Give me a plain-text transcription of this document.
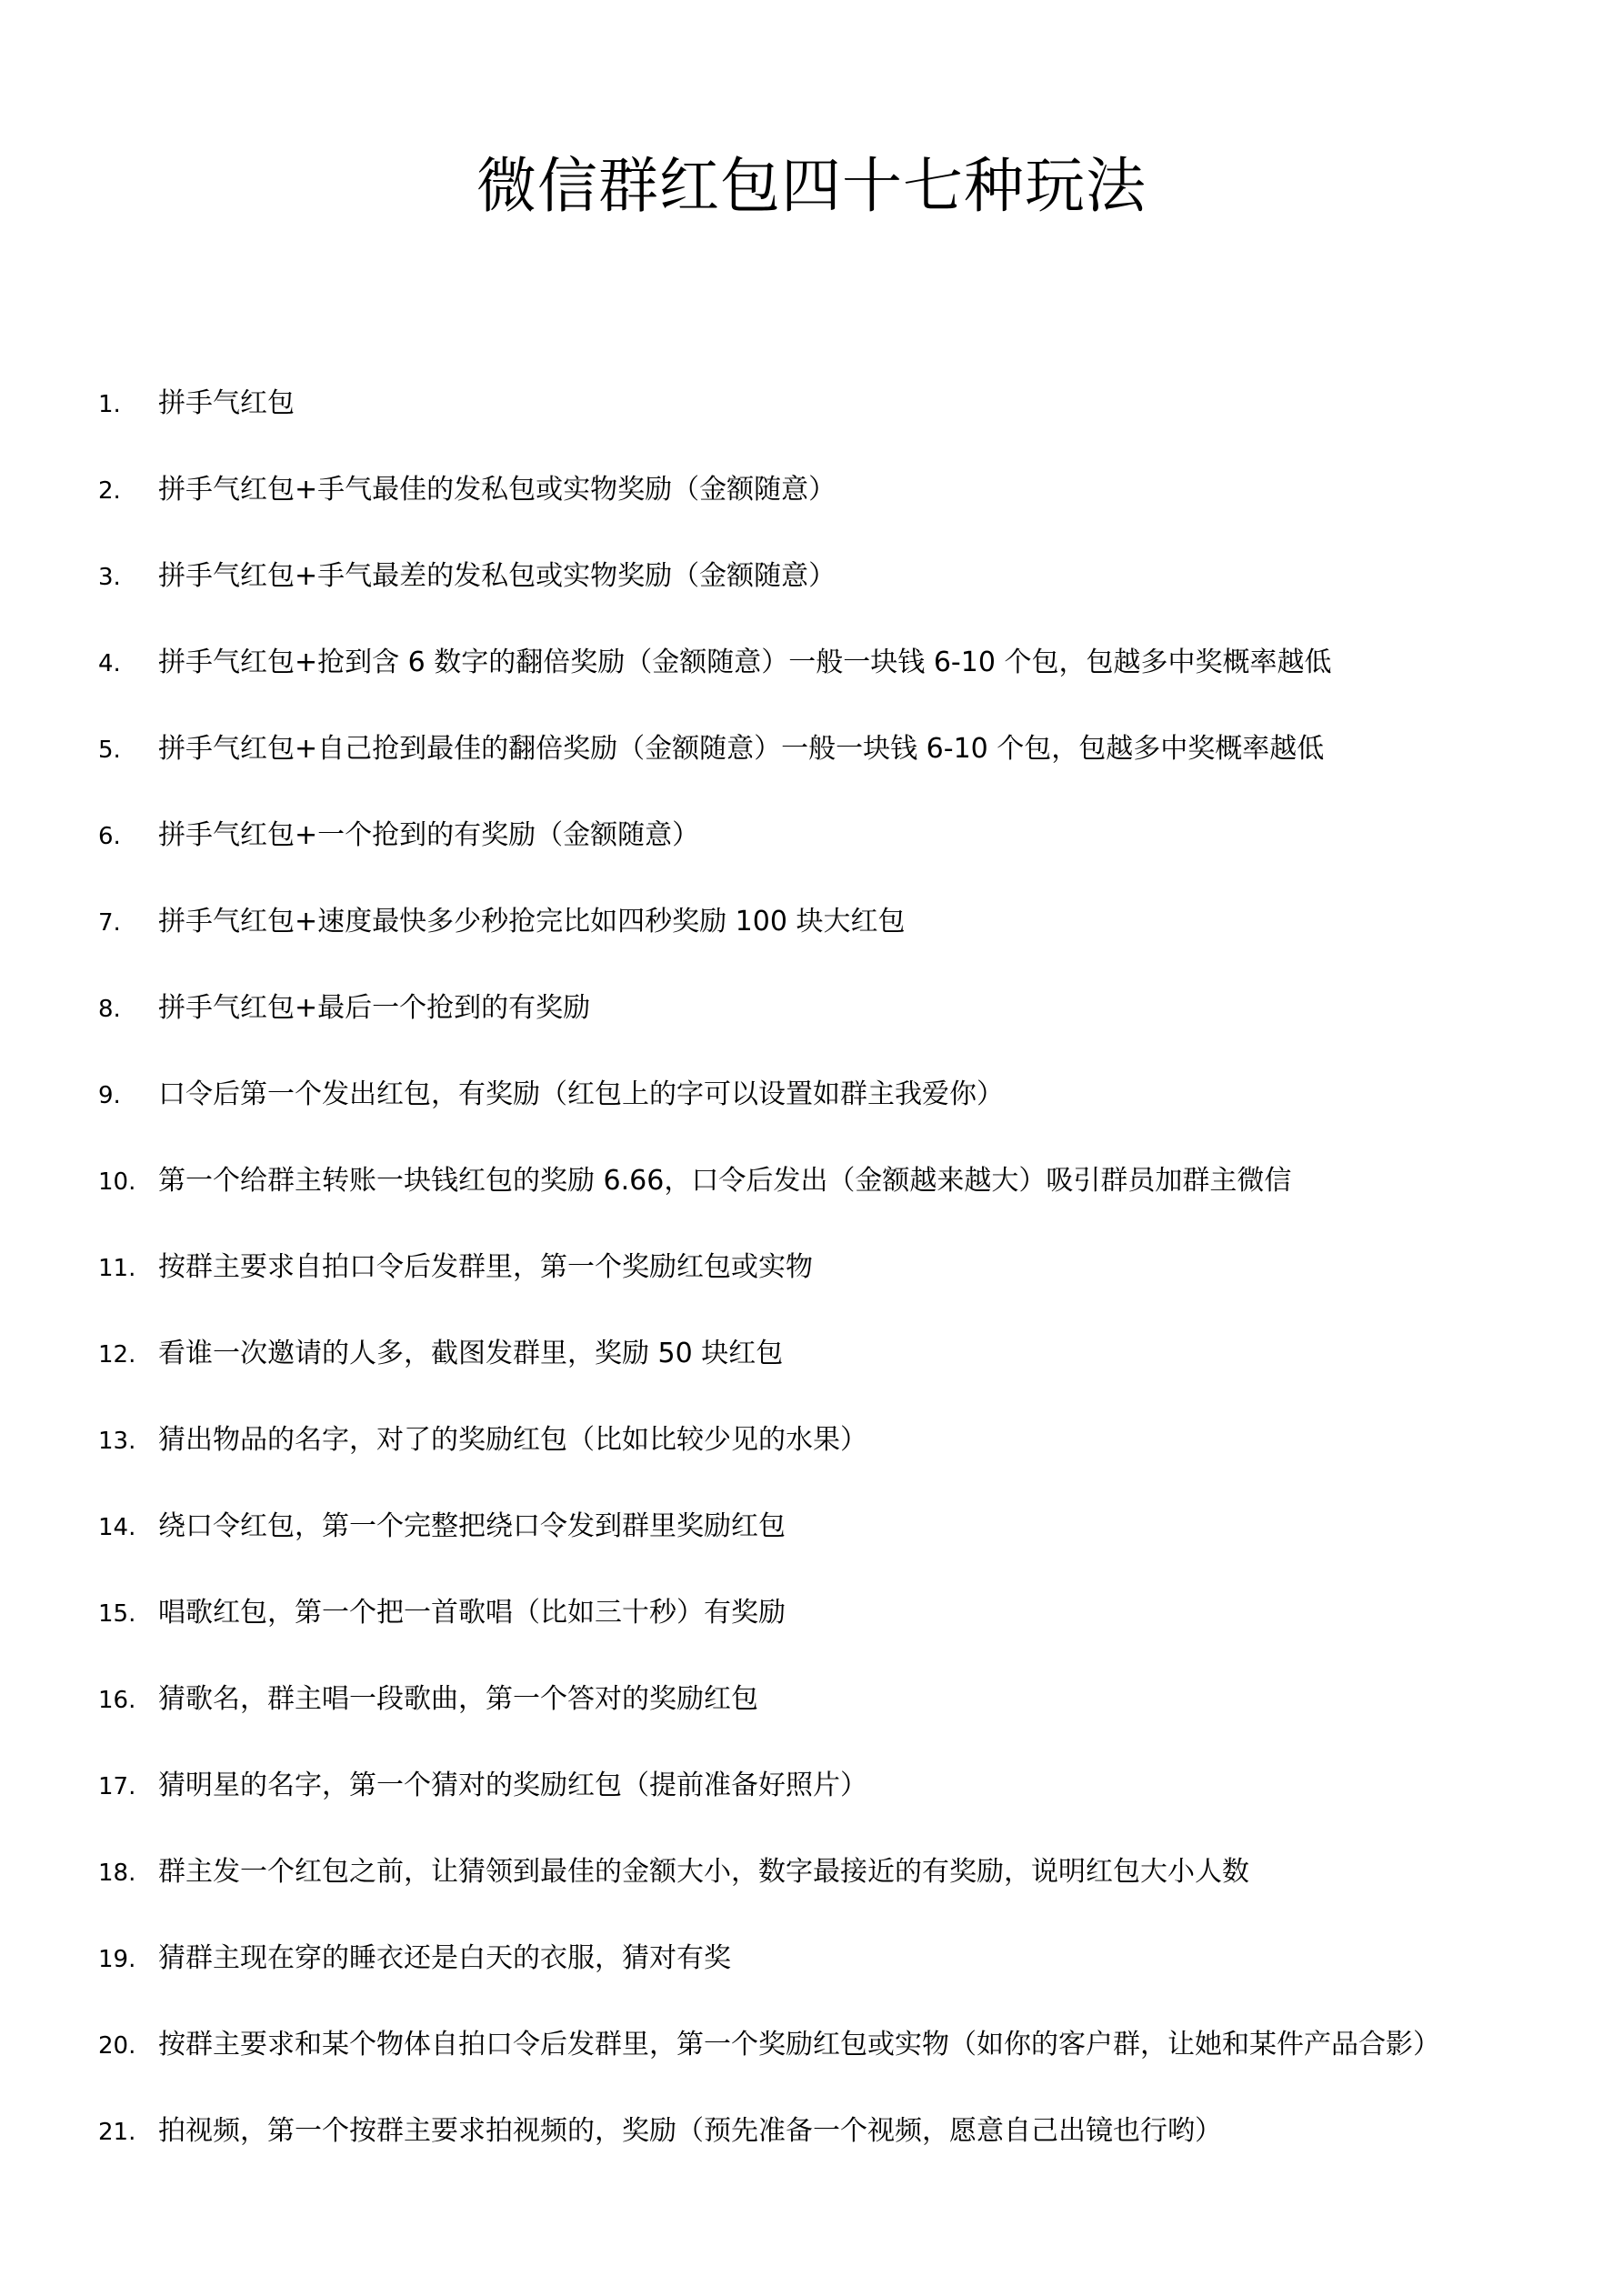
微信群红包四十七种玩法
1. 拼手气红包
2. 拼手气红包+手气最佳的发私包或实物奖励（金额随意）
3. 拼手气红包+手气最差的发私包或实物奖励（金额随意）
4. 拼手气红包+抢到含 6 数字的翻倍奖励（金额随意）一般一块钱 6-10 个包，包越多中奖概率越低
5. 拼手气红包+自己抢到最佳的翻倍奖励（金额随意）一般一块钱 6-10 个包，包越多中奖概率越低
6. 拼手气红包+一个抢到的有奖励（金额随意）
7. 拼手气红包+速度最快多少秒抢完比如四秒奖励 100 块大红包
8. 拼手气红包+最后一个抢到的有奖励
9. 口令后第一个发出红包，有奖励（红包上的字可以设置如群主我爱你）
10. 第一个给群主转账一块钱红包的奖励 6.66，口令后发出（金额越来越大）吸引群员加群主微信
11. 按群主要求自拍口令后发群里，第一个奖励红包或实物
12. 看谁一次邀请的人多，截图发群里，奖励 50 块红包
13. 猜出物品的名字，对了的奖励红包（比如比较少见的水果）
14. 绕口令红包，第一个完整把绕口令发到群里奖励红包
15. 唱歌红包，第一个把一首歌唱（比如三十秒）有奖励
16. 猜歌名，群主唱一段歌曲，第一个答对的奖励红包
17. 猜明星的名字，第一个猜对的奖励红包（提前准备好照片）
18. 群主发一个红包之前，让猜领到最佳的金额大小，数字最接近的有奖励，说明红包大小人数
19. 猜群主现在穿的睡衣还是白天的衣服，猜对有奖
20. 按群主要求和某个物体自拍口令后发群里，第一个奖励红包或实物（如你的客户群，让她和某件产品合影）
21. 拍视频，第一个按群主要求拍视频的，奖励（预先准备一个视频，愿意自己出镜也行哟）
